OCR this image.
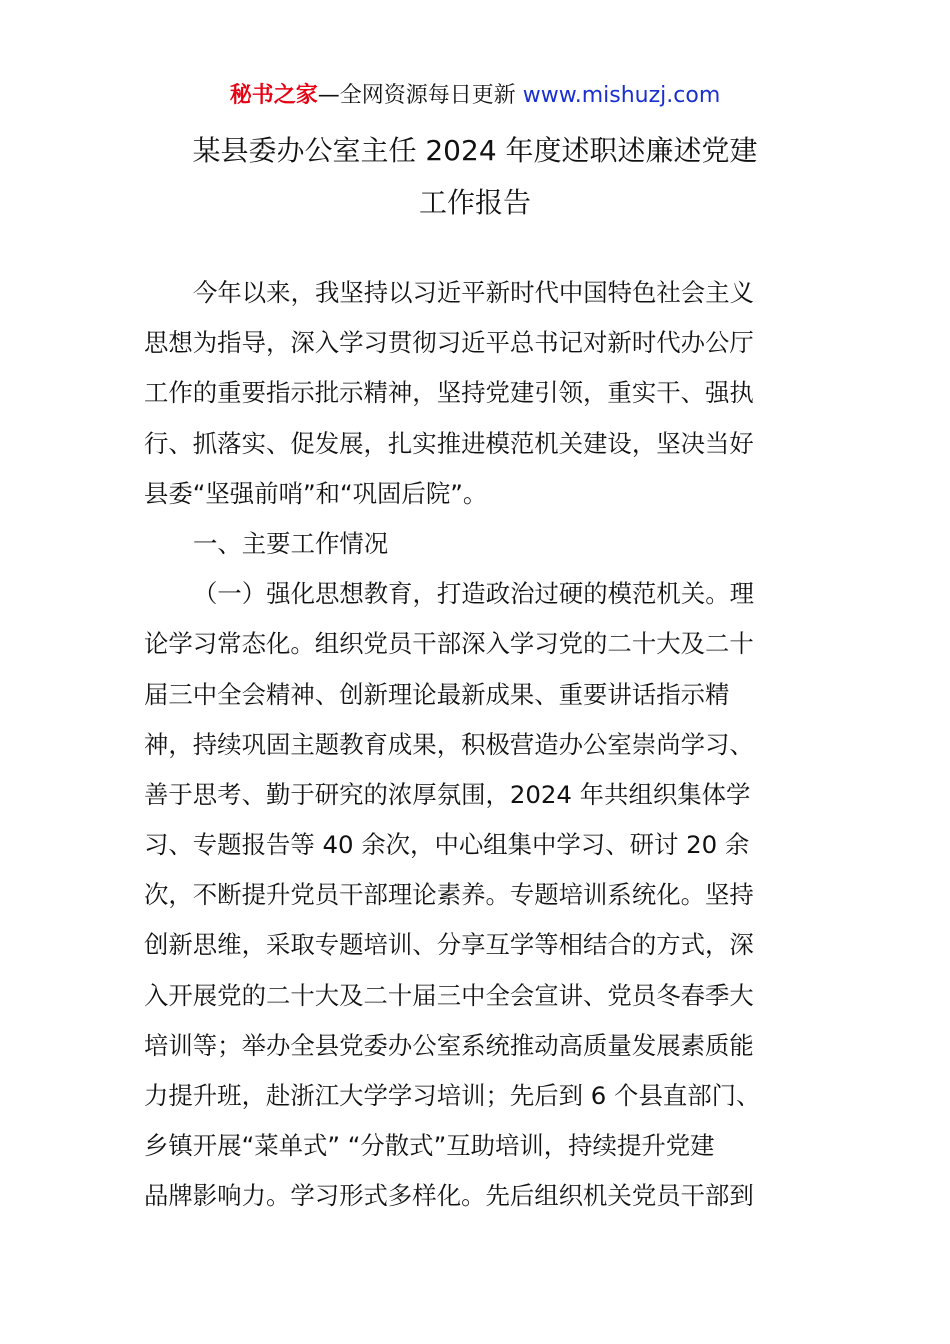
秘书之家—全网资源每日更新 www.mishuzj.com
某县委办公室主任 2024 年度述职述廉述党建
工作报告
今年以来，我坚持以习近平新时代中国特色社会主义
思想为指导，深入学习贯彻习近平总书记对新时代办公厅
工作的重要指示批示精神，坚持党建引领，重实干、强执
行、抓落实、促发展，扎实推进模范机关建设，坚决当好
县委“坚强前哨”和“巩固后院”。
一、主要工作情况
（一）强化思想教育，打造政治过硬的模范机关。理
论学习常态化。组织党员干部深入学习党的二十大及二十
届三中全会精神、创新理论最新成果、重要讲话指示精
神，持续巩固主题教育成果，积极营造办公室崇尚学习、
善于思考、勤于研究的浓厚氛围，2024 年共组织集体学
习、专题报告等 40 余次，中心组集中学习、研讨 20 余
次，不断提升党员干部理论素养。专题培训系统化。坚持
创新思维，采取专题培训、分享互学等相结合的方式，深
入开展党的二十大及二十届三中全会宣讲、党员冬春季大
培训等；举办全县党委办公室系统推动高质量发展素质能
力提升班，赴浙江大学学习培训；先后到 6 个县直部门、
乡镇开展“菜单式” “分散式”互助培训，持续提升党建
品牌影响力。学习形式多样化。先后组织机关党员干部到
